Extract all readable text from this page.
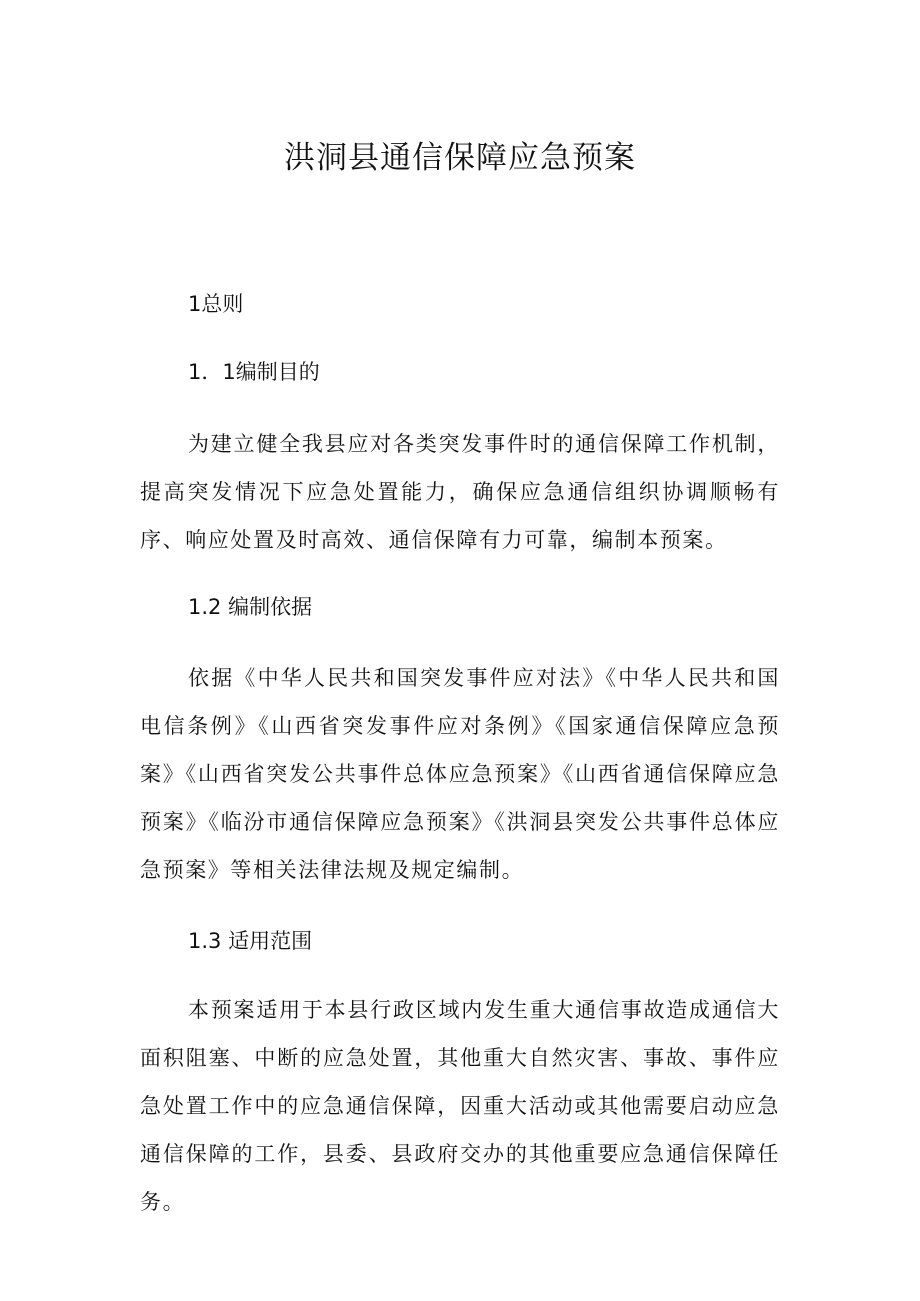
洪洞县通信保障应急预案
1总则
1．1编制目的

为建立健全我县应对各类突发事件时的通信保障工作机制，提高突发情况下应急处置能力，确保应急通信组织协调顺畅有序、响应处置及时高效、通信保障有力可靠，编制本预案。

1.2 编制依据

依据《中华人民共和国突发事件应对法》《中华人民共和国电信条例》《山西省突发事件应对条例》《国家通信保障应急预案》《山西省突发公共事件总体应急预案》《山西省通信保障应急预案》《临汾市通信保障应急预案》《洪洞县突发公共事件总体应急预案》等相关法律法规及规定编制。

1.3 适用范围

本预案适用于本县行政区域内发生重大通信事故造成通信大面积阻塞、中断的应急处置，其他重大自然灾害、事故、事件应急处置工作中的应急通信保障，因重大活动或其他需要启动应急通信保障的工作，县委、县政府交办的其他重要应急通信保障任务。
